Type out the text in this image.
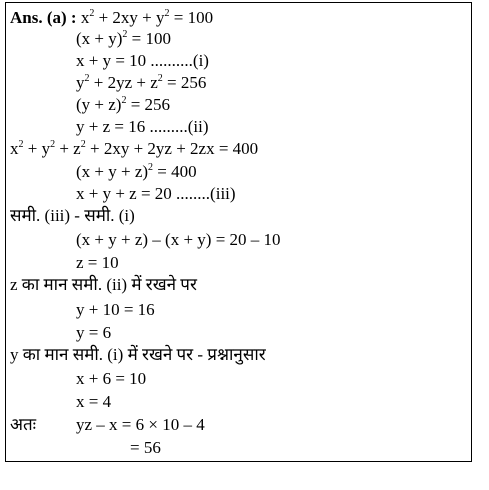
Ans. (a) : $x^2 + 2xy + y^2 = 100$
$(x + y)^2 = 100$
x + y = 10 ..........(i)
$y^2 + 2yz + z^2 = 256$
$(y + z)^2 = 256$
y + z = 16 .........(ii)
$x^2 + y^2 + z^2 + 2xy + 2yz + 2zx = 400$
$(x + y + z)^2 = 400$
x + y + z = 20 ........(iii)
समी. (iii) - समी. (i)
(x + y + z) – (x + y) = 20 – 10
z = 10
z का मान समी. (ii) में रखने पर
y + 10 = 16
y = 6
y का मान समी. (i) में रखने पर - प्रश्नानुसार
x + 6 = 10
x = 4
अतः yz – x = 6 × 10 – 4
= 56
